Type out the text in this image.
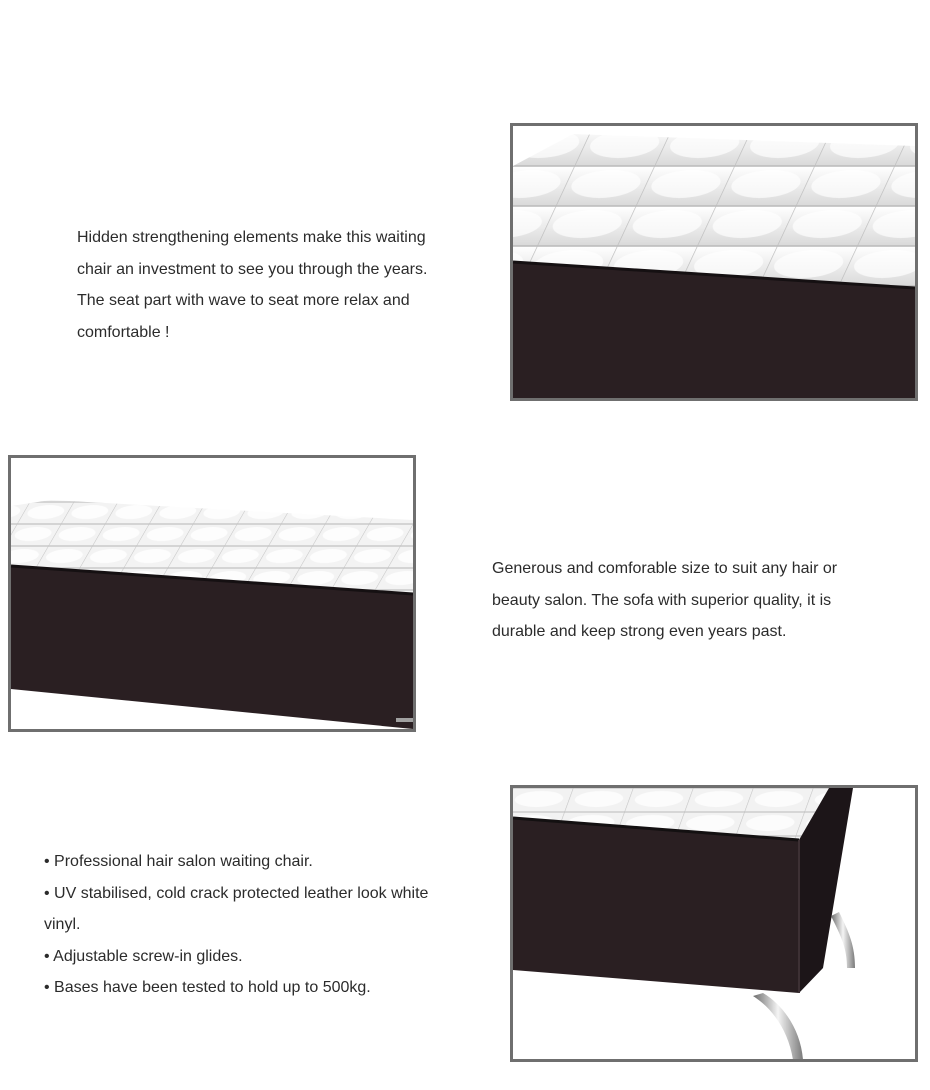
Hidden strengthening elements make this waiting

chair an investment to see you through the years.

The seat part with wave to seat more relax and

comfortable !

Generous and comforable size to suit any hair or

beauty salon. The sofa with superior quality, it is

durable and keep strong even years past.

• Professional hair salon waiting chair.

• UV stabilised, cold crack protected leather look white

vinyl.

• Adjustable screw-in glides.

• Bases have been tested to hold up to 500kg.
